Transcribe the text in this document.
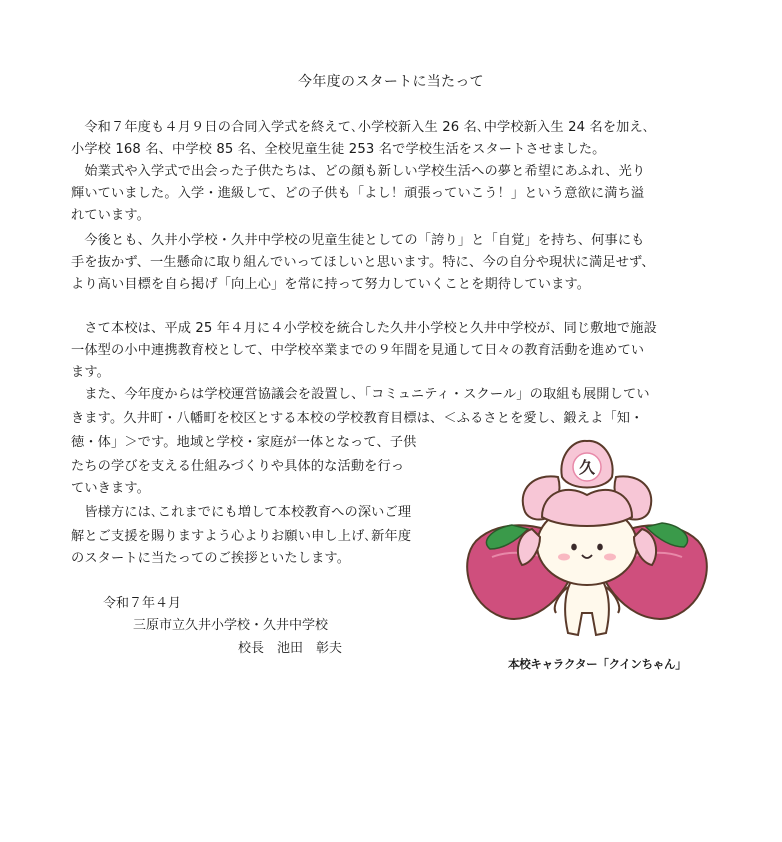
今年度のスタートに当たって
　令和７年度も４月９日の合同入学式を終えて､小学校新入生 26 名､中学校新入生 24 名を加え､
小学校 168 名、中学校 85 名、全校児童生徒 253 名で学校生活をスタートさせました。
　始業式や入学式で出会った子供たちは、どの顔も新しい学校生活への夢と希望にあふれ、光り
輝いていました。入学・進級して、どの子供も「よし！頑張っていこう！」という意欲に満ち溢
れています。
　今後とも、久井小学校・久井中学校の児童生徒としての「誇り」と「自覚」を持ち、何事にも
手を抜かず、一生懸命に取り組んでいってほしいと思います。特に、今の自分や現状に満足せず、
より高い目標を自ら掲げ「向上心」を常に持って努力していくことを期待しています。
　さて本校は、平成 25 年４月に４小学校を統合した久井小学校と久井中学校が、同じ敷地で施設
一体型の小中連携教育校として、中学校卒業までの９年間を見通して日々の教育活動を進めてい
ます。
　また、今年度からは学校運営協議会を設置し、「コミュニティ・スクール」の取組も展開してい
きます。久井町・八幡町を校区とする本校の学校教育目標は、＜ふるさとを愛し、鍛えよ「知・
徳・体」＞です。地域と学校・家庭が一体となって、子供
たちの学びを支える仕組みづくりや具体的な活動を行っ
ていきます。
　皆様方には､これまでにも増して本校教育への深いご理
解とご支援を賜りますよう心よりお願い申し上げ､新年度
のスタートに当たってのご挨拶といたします。
令和７年４月
三原市立久井小学校・久井中学校
校長　池田　彰夫
久
本校キャラクター「クインちゃん」
